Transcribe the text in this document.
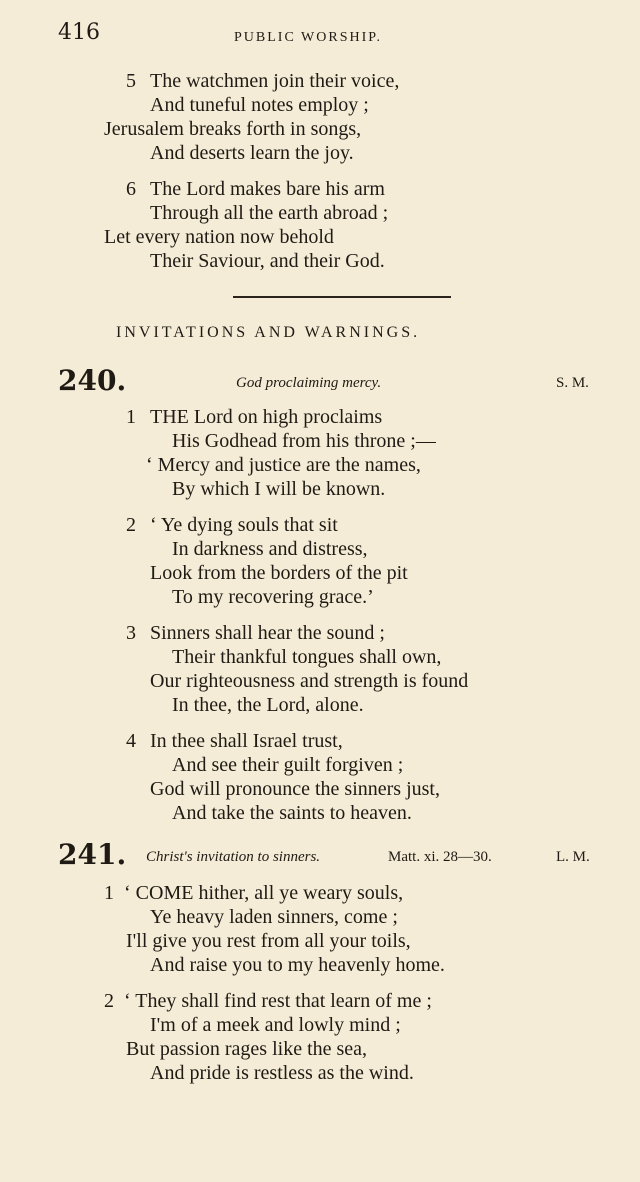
416	PUBLIC WORSHIP.
5 The watchmen join their voice,
And tuneful notes employ ;
Jerusalem breaks forth in songs,
And deserts learn the joy.
6 The Lord makes bare his arm
Through all the earth abroad ;
Let every nation now behold
Their Saviour, and their God.
INVITATIONS AND WARNINGS.
240.	God proclaiming mercy.	S. M.
1 THE Lord on high proclaims
His Godhead from his throne ;—
‘ Mercy and justice are the names,
By which I will be known.
2 ‘ Ye dying souls that sit
In darkness and distress,
Look from the borders of the pit
To my recovering grace.’
3 Sinners shall hear the sound ;
Their thankful tongues shall own,
Our righteousness and strength is found
In thee, the Lord, alone.
4 In thee shall Israel trust,
And see their guilt forgiven ;
God will pronounce the sinners just,
And take the saints to heaven.
241. Christ's invitation to sinners.	Matt. xi. 28—30.	L. M.
1 ‘ COME hither, all ye weary souls,
Ye heavy laden sinners, come ;
I'll give you rest from all your toils,
And raise you to my heavenly home.
2 ‘ They shall find rest that learn of me ;
I'm of a meek and lowly mind ;
But passion rages like the sea,
And pride is restless as the wind.
